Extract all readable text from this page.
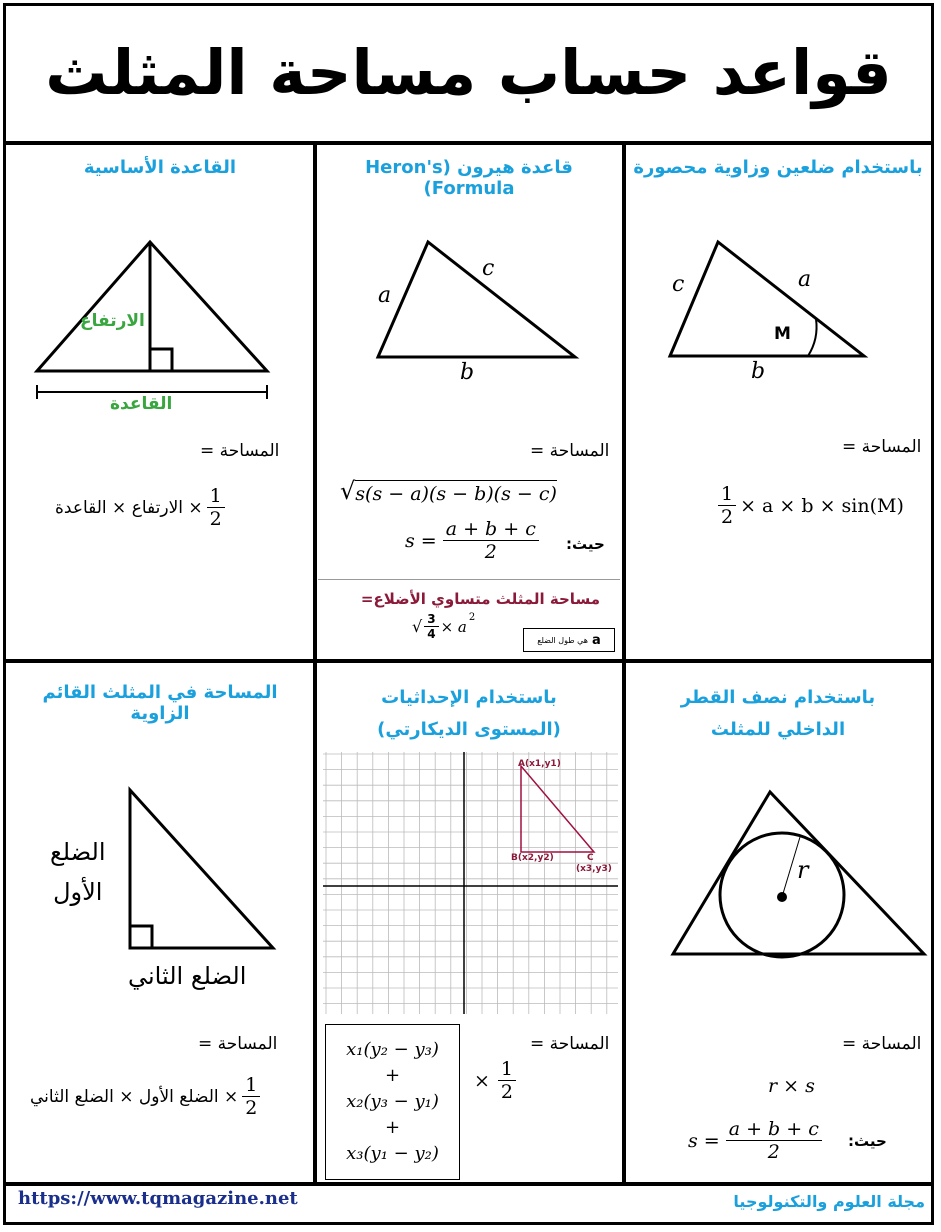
قواعد حساب مساحة المثلث
القاعدة الأساسية
الارتفاع
القاعدة
المساحة =
× الارتفاع × القاعدة $\frac{1}{2}$
قاعدة هيرون (Heron's Formula)
a
c
b
المساحة =
√ s(s − a)(s − b)(s − c)
$s = \frac{a + b + c}{2}$ حيث:
مساحة المثلث متساوي الأضلاع=
√ $\frac{3}{4} \times a^2$
a
هي طول الضلع
باستخدام ضلعين وزاوية محصورة
c	a
b
M
المساحة =
$\frac{1}{2} \times a \times b \times \sin(M)$
المساحة في المثلث القائم الزاوية
الضلع
الأول
الضلع الثاني
المساحة =
× الضلع الأول × الضلع الثاني $\frac{1}{2}$
باستخدام الإحداثيات
(المستوى الديكارتي)
A(x1,y1)
B(x2,y2)	C
(x3,y3)
المساحة =
x₁(y₂ − y₃)
+
x₂(y₃ − y₁)
+
x₃(y₁ − y₂)
× $\frac{1}{2}$
باستخدام نصف القطر
الداخلي للمثلث
r
المساحة =
r × s
$s = \frac{a + b + c}{2}$ حيث:
https://www.tqmagazine.net	مجلة العلوم والتكنولوجيا
